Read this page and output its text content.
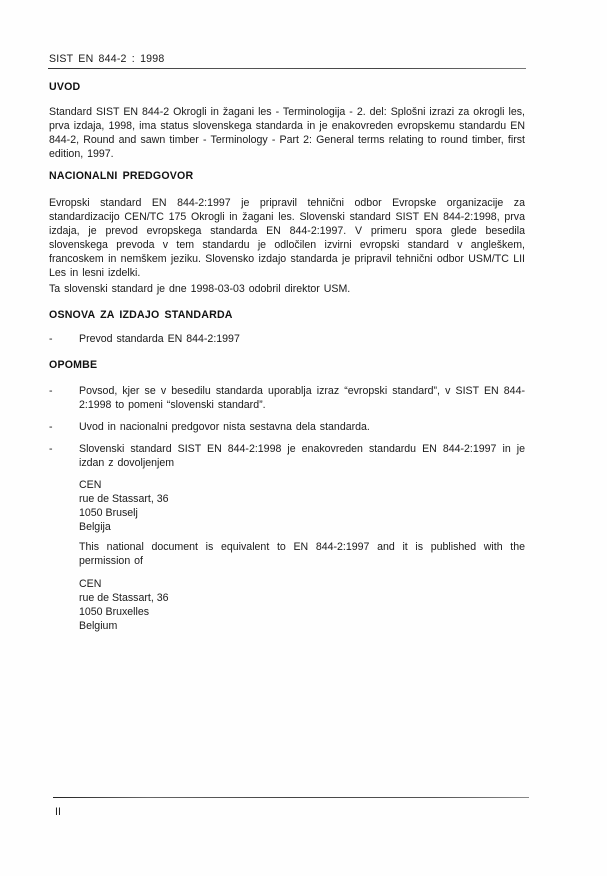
SIST EN 844-2 : 1998
UVOD

Standard SIST EN 844-2 Okrogli in žagani les - Terminologija - 2. del: Splošni izrazi za okrogli les, prva izdaja, 1998, ima status slovenskega standarda in je enakovreden evropskemu standardu EN 844-2, Round and sawn timber - Terminology - Part 2: General terms relating to round timber, first edition, 1997.

NACIONALNI PREDGOVOR

Evropski standard EN 844-2:1997 je pripravil tehnični odbor Evropske organizacije za standardizacijo CEN/TC 175 Okrogli in žagani les. Slovenski standard SIST EN 844-2:1998, prva izdaja, je prevod evropskega standarda EN 844-2:1997. V primeru spora glede besedila slovenskega prevoda v tem standardu je odločilen izvirni evropski standard v angleškem, francoskem in nemškem jeziku. Slovensko izdajo standarda je pripravil tehnični odbor USM/TC LII Les in lesni izdelki.

Ta slovenski standard je dne 1998-03-03 odobril direktor USM.

OSNOVA ZA IZDAJO STANDARDA
- Prevod standarda EN 844-2:1997
OPOMBE
- Povsod, kjer se v besedilu standarda uporablja izraz “evropski standard”, v SIST EN 844-2:1998 to pomeni “slovenski standard”.
- Uvod in nacionalni predgovor nista sestavna dela standarda.
- Slovenski standard SIST EN 844-2:1998 je enakovreden standardu EN 844-2:1997 in je izdan z dovoljenjem
CEN
rue de Stassart, 36
1050 Bruselj
Belgija
This national document is equivalent to EN 844-2:1997 and it is published with the permission of
CEN
rue de Stassart, 36
1050 Bruxelles
Belgium
II
